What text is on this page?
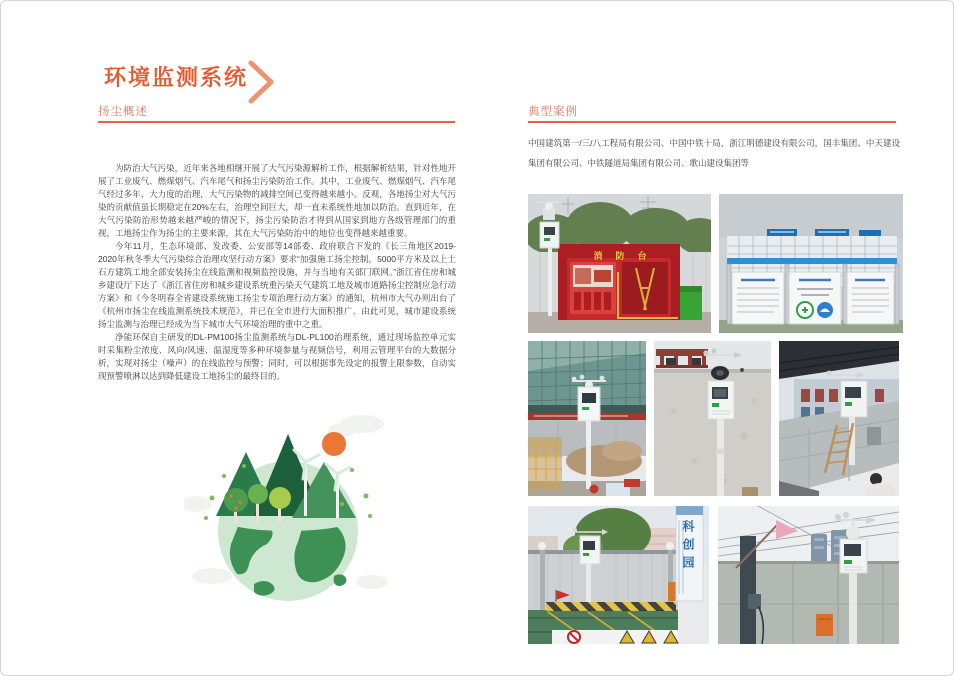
环境监测系统
扬尘概述

为防治大气污染，近年来各地相继开展了大气污染源解析工作，根据解析结果，针对性地开展了工业废气、燃煤烟气、汽车尾气和扬尘污染防治工作。其中，工业废气、燃煤烟气、汽车尾气经过多年、大力度的治理，大气污染物的减排空间已变得越来越小。反观，各地扬尘对大气污染的贡献值虽长期稳定在20%左右，治理空间巨大，却一直未系统性地加以防治。直到近年，在大气污染防治形势越来越严峻的情况下，扬尘污染防治才得到从国家到地方各级管理部门的重视，工地扬尘作为扬尘的主要来源，其在大气污染防治中的地位也变得越来越重要。

今年11月，生态环境部、发改委、公安部等14部委、政府联合下发的《长三角地区2019-2020年秋冬季大气污染综合治理攻坚行动方案》要求“加强施工扬尘控制，5000平方米及以上土石方建筑工地全部安装扬尘在线监测和视频监控设施，并与当地有关部门联网。”浙江省住房和城乡建设厅下达了《浙江省住房和城乡建设系统重污染天气建筑工地及城市道路扬尘控制应急行动方案》和《今冬明春全省建设系统施工扬尘专项治理行动方案》的通知，杭州市大气办则出台了《杭州市扬尘在线监测系统技术规范》，并已在全市进行大面积推广。由此可见，城市建设系统扬尘监测与治理已经成为当下城市大气环境治理的重中之重。

净能环保自主研发的DL-PM100扬尘监测系统与DL-PL100治理系统，通过现场监控单元实时采集粉尘浓度、风向/风速、温湿度等多种环境参量与视频信号，利用云管理平台的大数据分析，实现对扬尘（噪声）的在线监控与预警；同时，可以根据事先设定的报警上限参数，自动实现预警喷淋以达到降低建设工地扬尘的最终目的。

典型案例
中国建筑第一/三/八工程局有限公司、中国中铁十局，浙江明德建设有限公司，国丰集团、中天建设集团有限公司、中铁隧道局集团有限公司、歌山建设集团等
消防台
科创园
